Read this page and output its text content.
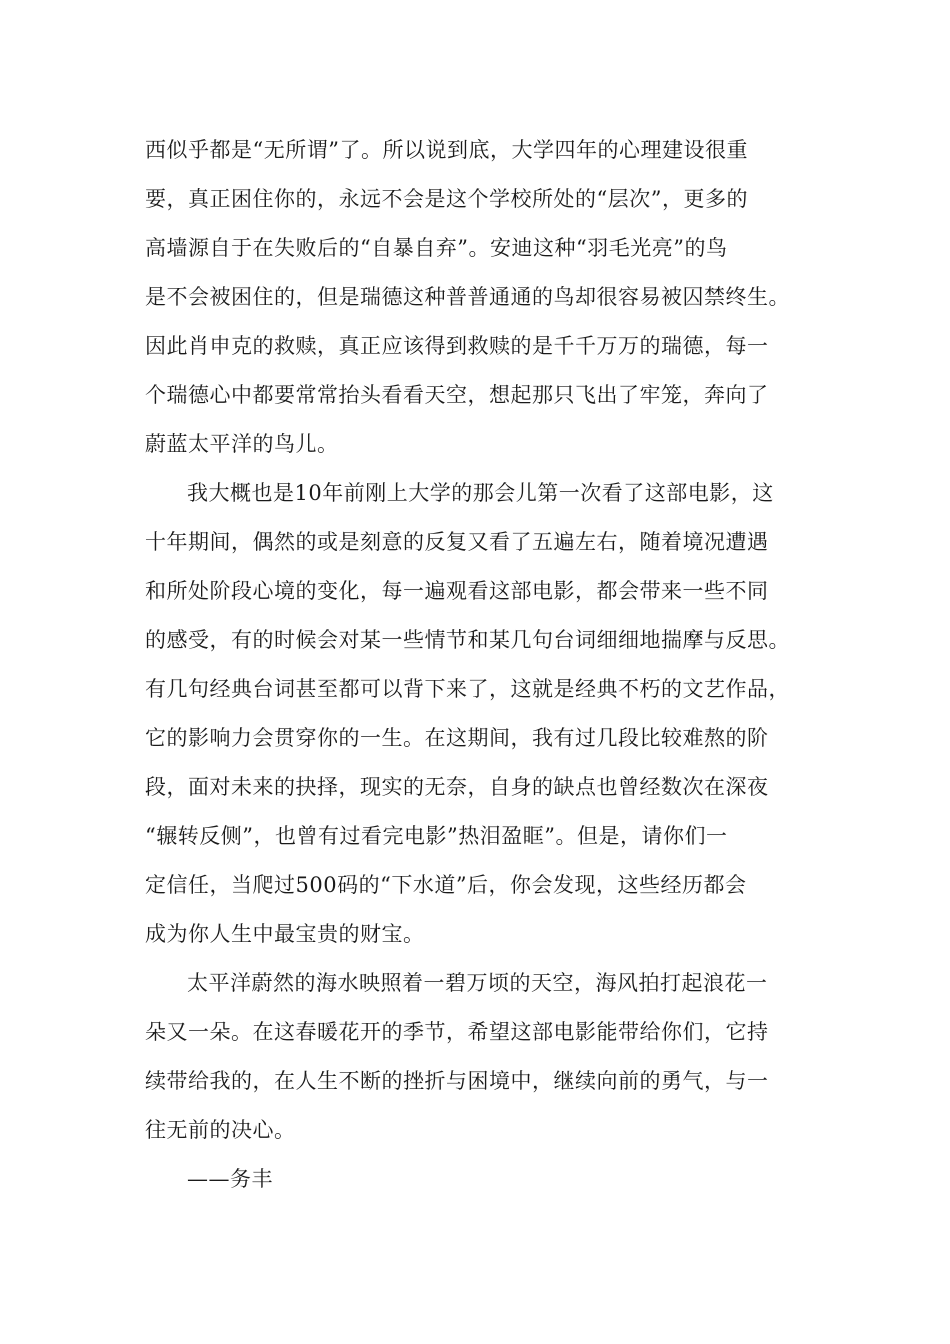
西似乎都是“无所谓”了。所以说到底，大学四年的心理建设很重
要，真正困住你的，永远不会是这个学校所处的“层次”，更多的
高墙源自于在失败后的“自暴自弃”。安迪这种“羽毛光亮”的鸟
是不会被困住的，但是瑞德这种普普通通的鸟却很容易被囚禁终生。
因此肖申克的救赎，真正应该得到救赎的是千千万万的瑞德，每一
个瑞德心中都要常常抬头看看天空，想起那只飞出了牢笼，奔向了
蔚蓝太平洋的鸟儿。
我大概也是10年前刚上大学的那会儿第一次看了这部电影，这
十年期间，偶然的或是刻意的反复又看了五遍左右，随着境况遭遇
和所处阶段心境的变化，每一遍观看这部电影，都会带来一些不同
的感受，有的时候会对某一些情节和某几句台词细细地揣摩与反思。
有几句经典台词甚至都可以背下来了，这就是经典不朽的文艺作品，
它的影响力会贯穿你的一生。在这期间，我有过几段比较难熬的阶
段，面对未来的抉择，现实的无奈，自身的缺点也曾经数次在深夜
“辗转反侧”，也曾有过看完电影”热泪盈眶”。但是，请你们一
定信任，当爬过500码的“下水道”后，你会发现，这些经历都会
成为你人生中最宝贵的财宝。
太平洋蔚然的海水映照着一碧万顷的天空，海风拍打起浪花一
朵又一朵。在这春暖花开的季节，希望这部电影能带给你们，它持
续带给我的，在人生不断的挫折与困境中，继续向前的勇气，与一
往无前的决心。
——务丰
